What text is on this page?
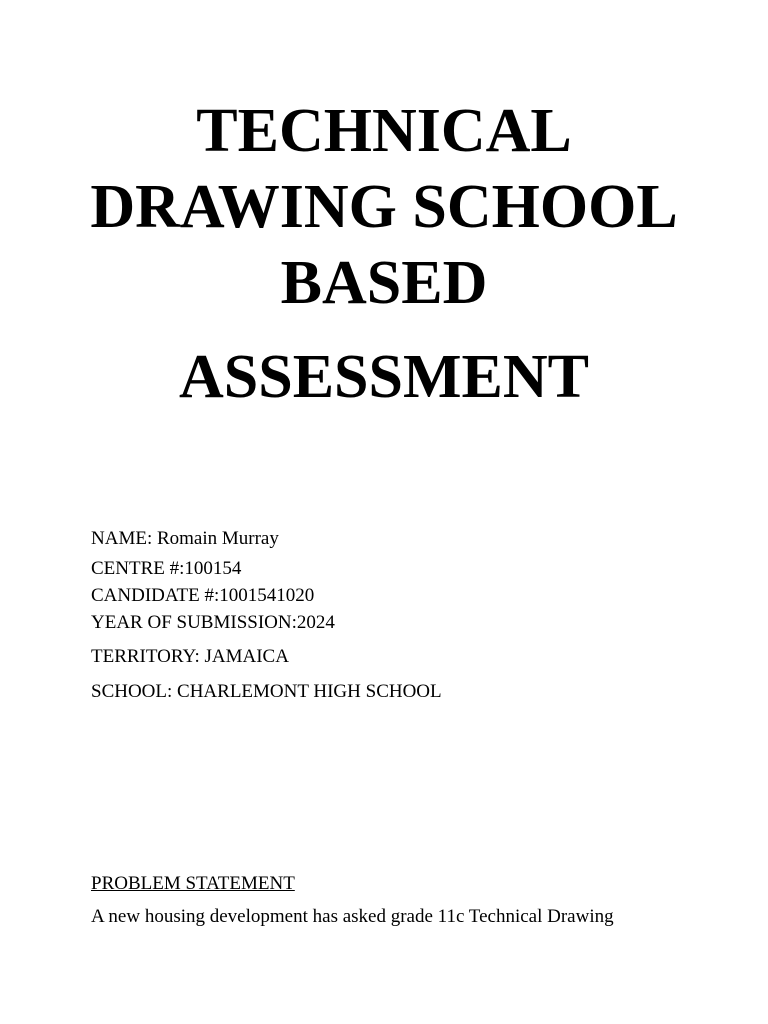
TECHNICAL
DRAWING SCHOOL
BASED
ASSESSMENT
NAME: Romain Murray
CENTRE #:100154
CANDIDATE #:1001541020
YEAR OF SUBMISSION:2024
TERRITORY: JAMAICA
SCHOOL: CHARLEMONT HIGH SCHOOL
PROBLEM STATEMENT
A new housing development has asked grade 11c Technical Drawing
